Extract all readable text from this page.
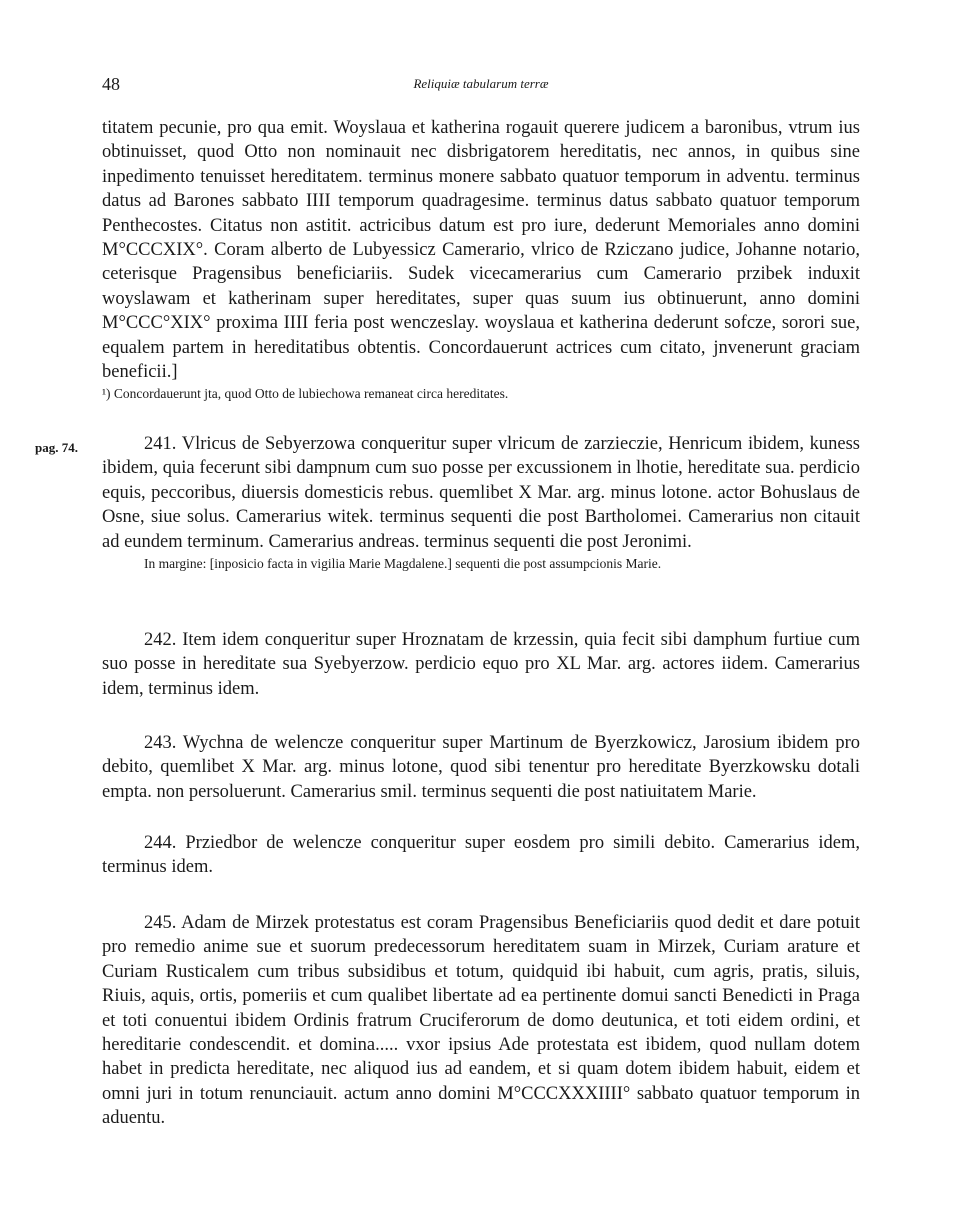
48	Reliquiæ tabularum terræ

titatem pecunie, pro qua emit. Woyslaua et katherina rogauit querere judicem a baronibus, vtrum ius obtinuisset, quod Otto non nominauit nec disbrigatorem hereditatis, nec annos, in quibus sine inpedimento tenuisset hereditatem. terminus monere sabbato quatuor temporum in adventu. terminus datus ad Barones sabbato IIII temporum quadragesime. terminus datus sabbato quatuor temporum Penthecostes. Citatus non astitit. actricibus datum est pro iure, dederunt Memoriales anno domini M°CCCXIX°. Coram alberto de Lubyessicz Camerario, vlrico de Rziczano judice, Johanne notario, ceterisque Pragensibus beneficiariis. Sudek vicecamerarius cum Camerario przibek induxit woyslawam et katherinam super hereditates, super quas suum ius obtinuerunt, anno domini M°CCC°XIX° proxima IIII feria post wenczeslay. woyslaua et katherina dederunt sofcze, sorori sue, equalem partem in hereditatibus obtentis. Concordauerunt actrices cum citato, jnvenerunt graciam beneficii.]

¹) Concordauerunt jta, quod Otto de lubiechowa remaneat circa hereditates.

pag. 74.	241. Vlricus de Sebyerzowa conqueritur super vlricum de zarzieczie, Henricum ibidem, kuness ibidem, quia fecerunt sibi dampnum cum suo posse per excussionem in lhotie, hereditate sua. perdicio equis, peccoribus, diuersis domesticis rebus. quemlibet X Mar. arg. minus lotone. actor Bohuslaus de Osne, siue solus. Camerarius witek. terminus sequenti die post Bartholomei. Camerarius non citauit ad eundem terminum. Camerarius andreas. terminus sequenti die post Jeronimi.

In margine: [inposicio facta in vigilia Marie Magdalene.] sequenti die post assumpcionis Marie.

242. Item idem conqueritur super Hroznatam de krzessin, quia fecit sibi damphum furtiue cum suo posse in hereditate sua Syebyerzow. perdicio equo pro XL Mar. arg. actores iidem. Camerarius idem, terminus idem.

243. Wychna de welencze conqueritur super Martinum de Byerzkowicz, Jarosium ibidem pro debito, quemlibet X Mar. arg. minus lotone, quod sibi tenentur pro hereditate Byerzkowsku dotali empta. non persoluerunt. Camerarius smil. terminus sequenti die post natiuitatem Marie.

244. Prziedbor de welencze conqueritur super eosdem pro simili debito. Camerarius idem, terminus idem.

245. Adam de Mirzek protestatus est coram Pragensibus Beneficiariis quod dedit et dare potuit pro remedio anime sue et suorum predecessorum hereditatem suam in Mirzek, Curiam arature et Curiam Rusticalem cum tribus subsidibus et totum, quidquid ibi habuit, cum agris, pratis, siluis, Riuis, aquis, ortis, pomeriis et cum qualibet libertate ad ea pertinente domui sancti Benedicti in Praga et toti conuentui ibidem Ordinis fratrum Cruciferorum de domo deutunica, et toti eidem ordini, et hereditarie condescendit. et domina..... vxor ipsius Ade protestata est ibidem, quod nullam dotem habet in predicta hereditate, nec aliquod ius ad eandem, et si quam dotem ibidem habuit, eidem et omni juri in totum renunciauit. actum anno domini M°CCCXXXIIII° sabbato quatuor temporum in aduentu.
